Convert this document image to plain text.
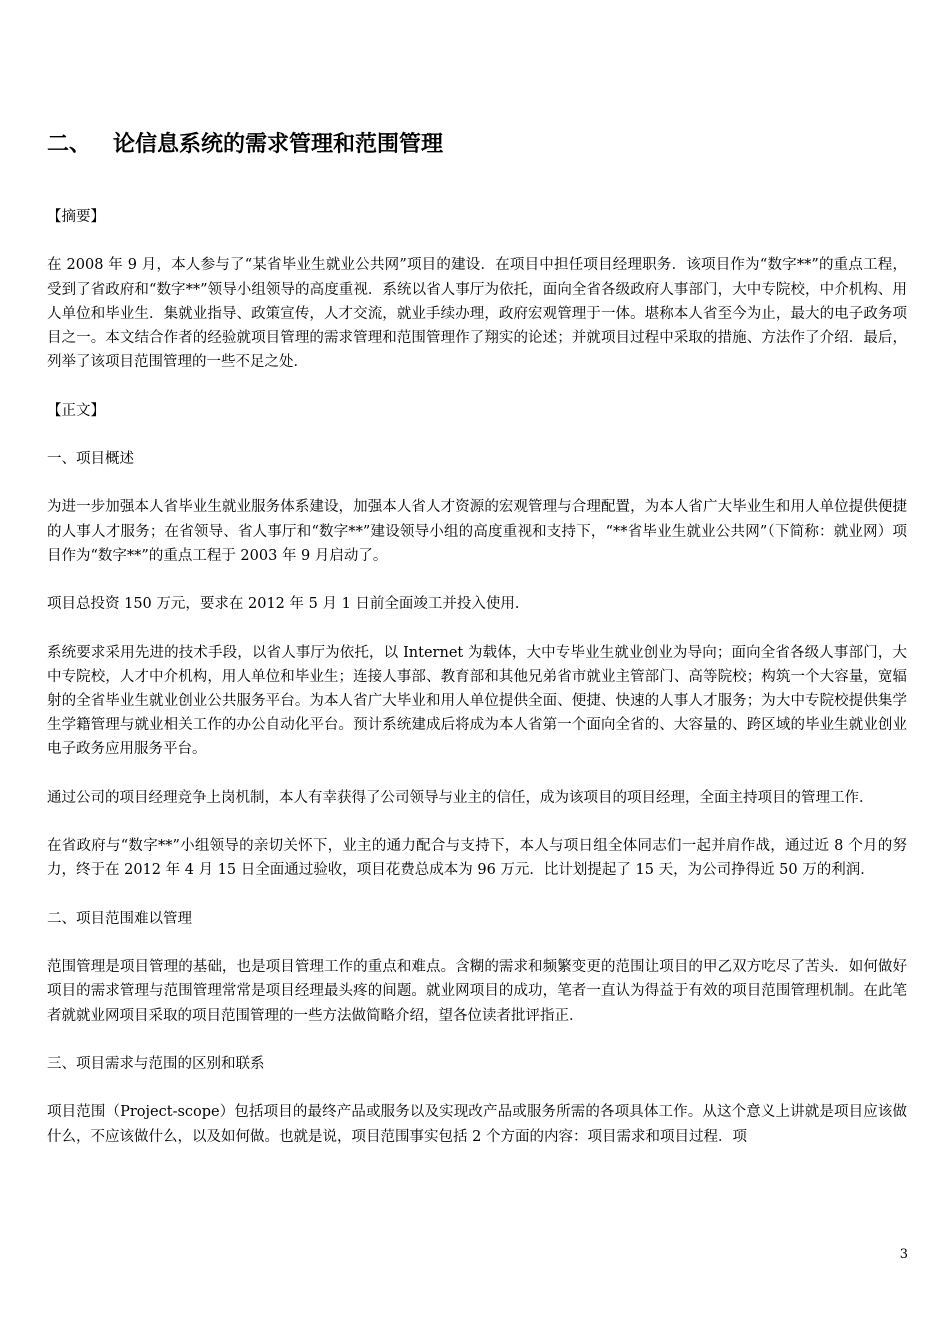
二、 论信息系统的需求管理和范围管理

【摘要】

在 2008 年 9 月，本人参与了“某省毕业生就业公共网”项目的建设．在项目中担任项目经理职务．该项目作为“数字**”的重点工程，受到了省政府和“数字**”领导小组领导的高度重视．系统以省人事厅为依托，面向全省各级政府人事部门，大中专院校，中介机构、用人单位和毕业生．集就业指导、政策宣传，人才交流，就业手续办理，政府宏观管理于一体。堪称本人省至今为止，最大的电子政务项目之一。本文结合作者的经验就项目管理的需求管理和范围管理作了翔实的论述；并就项目过程中采取的措施、方法作了介绍．最后，列举了该项目范围管理的一些不足之处．

【正文】

一、项目概述

为进一步加强本人省毕业生就业服务体系建设，加强本人省人才资源的宏观管理与合理配置，为本人省广大毕业生和用人单位提供便捷的人事人才服务；在省领导、省人事厅和“数字**”建设领导小组的高度重视和支持下，“**省毕业生就业公共网”（下简称：就业网）项目作为“数字**”的重点工程于 2003 年 9 月启动了。

项目总投资 150 万元，要求在 2012 年 5 月 1 日前全面竣工并投入使用．

系统要求采用先进的技术手段，以省人事厅为依托，以 Internet 为载体，大中专毕业生就业创业为导向；面向全省各级人事部门，大中专院校，人才中介机构，用人单位和毕业生；连接人事部、教育部和其他兄弟省市就业主管部门、高等院校；构筑一个大容量，宽辐射的全省毕业生就业创业公共服务平台。为本人省广大毕业和用人单位提供全面、便捷、快速的人事人才服务；为大中专院校提供集学生学籍管理与就业相关工作的办公自动化平台。预计系统建成后将成为本人省第一个面向全省的、大容量的、跨区域的毕业生就业创业电子政务应用服务平台。

通过公司的项目经理竞争上岗机制，本人有幸获得了公司领导与业主的信任，成为该项目的项目经理，全面主持项目的管理工作．

在省政府与“数字**”小组领导的亲切关怀下，业主的通力配合与支持下，本人与项日组全体同志们一起并肩作战，通过近 8 个月的努力，终于在 2012 年 4 月 15 日全面通过验收，项目花费总成本为 96 万元．比计划提起了 15 天，为公司挣得近 50 万的利润．

二、项目范围难以管理

范围管理是项目管理的基础，也是项目管理工作的重点和难点。含糊的需求和频繁变更的范围让项目的甲乙双方吃尽了苦头．如何做好项目的需求管理与范围管理常常是项目经理最头疼的间题。就业网项目的成功，笔者一直认为得益于有效的项目范围管理机制。在此笔者就就业网项目采取的项目范围管理的一些方法做简略介绍，望各位读者批评指正．

三、项目需求与范围的区别和联系

项目范围（Project-scope）包括项目的最终产品或服务以及实现改产品或服务所需的各项具体工作。从这个意义上讲就是项目应该做什么，不应该做什么，以及如何做。也就是说，项目范围事实包括 2 个方面的内容：项目需求和项目过程．项

3
